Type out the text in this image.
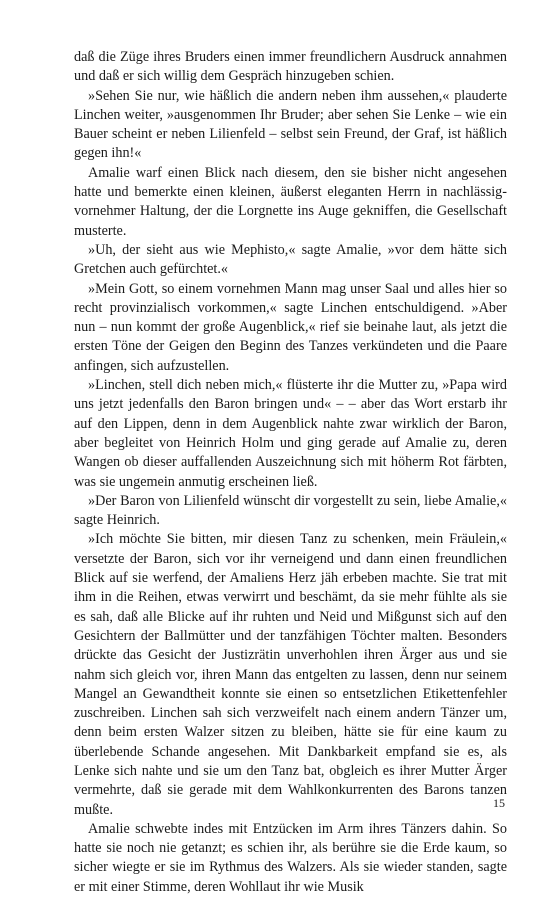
daß die Züge ihres Bruders einen immer freundlichern Ausdruck annahmen und daß er sich willig dem Gespräch hinzugeben schien.

»Sehen Sie nur, wie häßlich die andern neben ihm aussehen,« plauderte Linchen weiter, »ausgenommen Ihr Bruder; aber sehen Sie Lenke – wie ein Bauer scheint er neben Lilienfeld – selbst sein Freund, der Graf, ist häßlich gegen ihn!«

Amalie warf einen Blick nach diesem, den sie bisher nicht angesehen hatte und bemerkte einen kleinen, äußerst eleganten Herrn in nachlässig-vornehmer Haltung, der die Lorgnette ins Auge gekniffen, die Gesellschaft musterte.

»Uh, der sieht aus wie Mephisto,« sagte Amalie, »vor dem hätte sich Gretchen auch gefürchtet.«

»Mein Gott, so einem vornehmen Mann mag unser Saal und alles hier so recht provinzialisch vorkommen,« sagte Linchen entschuldigend. »Aber nun – nun kommt der große Augenblick,« rief sie beinahe laut, als jetzt die ersten Töne der Geigen den Beginn des Tanzes verkündeten und die Paare anfingen, sich aufzustellen.

»Linchen, stell dich neben mich,« flüsterte ihr die Mutter zu, »Papa wird uns jetzt jedenfalls den Baron bringen und« – – aber das Wort erstarb ihr auf den Lippen, denn in dem Augenblick nahte zwar wirklich der Baron, aber begleitet von Heinrich Holm und ging gerade auf Amalie zu, deren Wangen ob dieser auffallenden Auszeichnung sich mit höherm Rot färbten, was sie ungemein anmutig erscheinen ließ.

»Der Baron von Lilienfeld wünscht dir vorgestellt zu sein, liebe Amalie,« sagte Heinrich.

»Ich möchte Sie bitten, mir diesen Tanz zu schenken, mein Fräulein,« versetzte der Baron, sich vor ihr verneigend und dann einen freundlichen Blick auf sie werfend, der Amaliens Herz jäh erbeben machte. Sie trat mit ihm in die Reihen, etwas verwirrt und beschämt, da sie mehr fühlte als sie es sah, daß alle Blicke auf ihr ruhten und Neid und Mißgunst sich auf den Gesichtern der Ballmütter und der tanzfähigen Töchter malten. Besonders drückte das Gesicht der Justizrätin unverhohlen ihren Ärger aus und sie nahm sich gleich vor, ihren Mann das entgelten zu lassen, denn nur seinem Mangel an Gewandtheit konnte sie einen so entsetzlichen Etikettenfehler zuschreiben. Linchen sah sich verzweifelt nach einem andern Tänzer um, denn beim ersten Walzer sitzen zu bleiben, hätte sie für eine kaum zu überlebende Schande angesehen. Mit Dankbarkeit empfand sie es, als Lenke sich nahte und sie um den Tanz bat, obgleich es ihrer Mutter Ärger vermehrte, daß sie gerade mit dem Wahlkonkurrenten des Barons tanzen mußte.

Amalie schwebte indes mit Entzücken im Arm ihres Tänzers dahin. So hatte sie noch nie getanzt; es schien ihr, als berühre sie die Erde kaum, so sicher wiegte er sie im Rythmus des Walzers. Als sie wieder standen, sagte er mit einer Stimme, deren Wohllaut ihr wie Musik

15
